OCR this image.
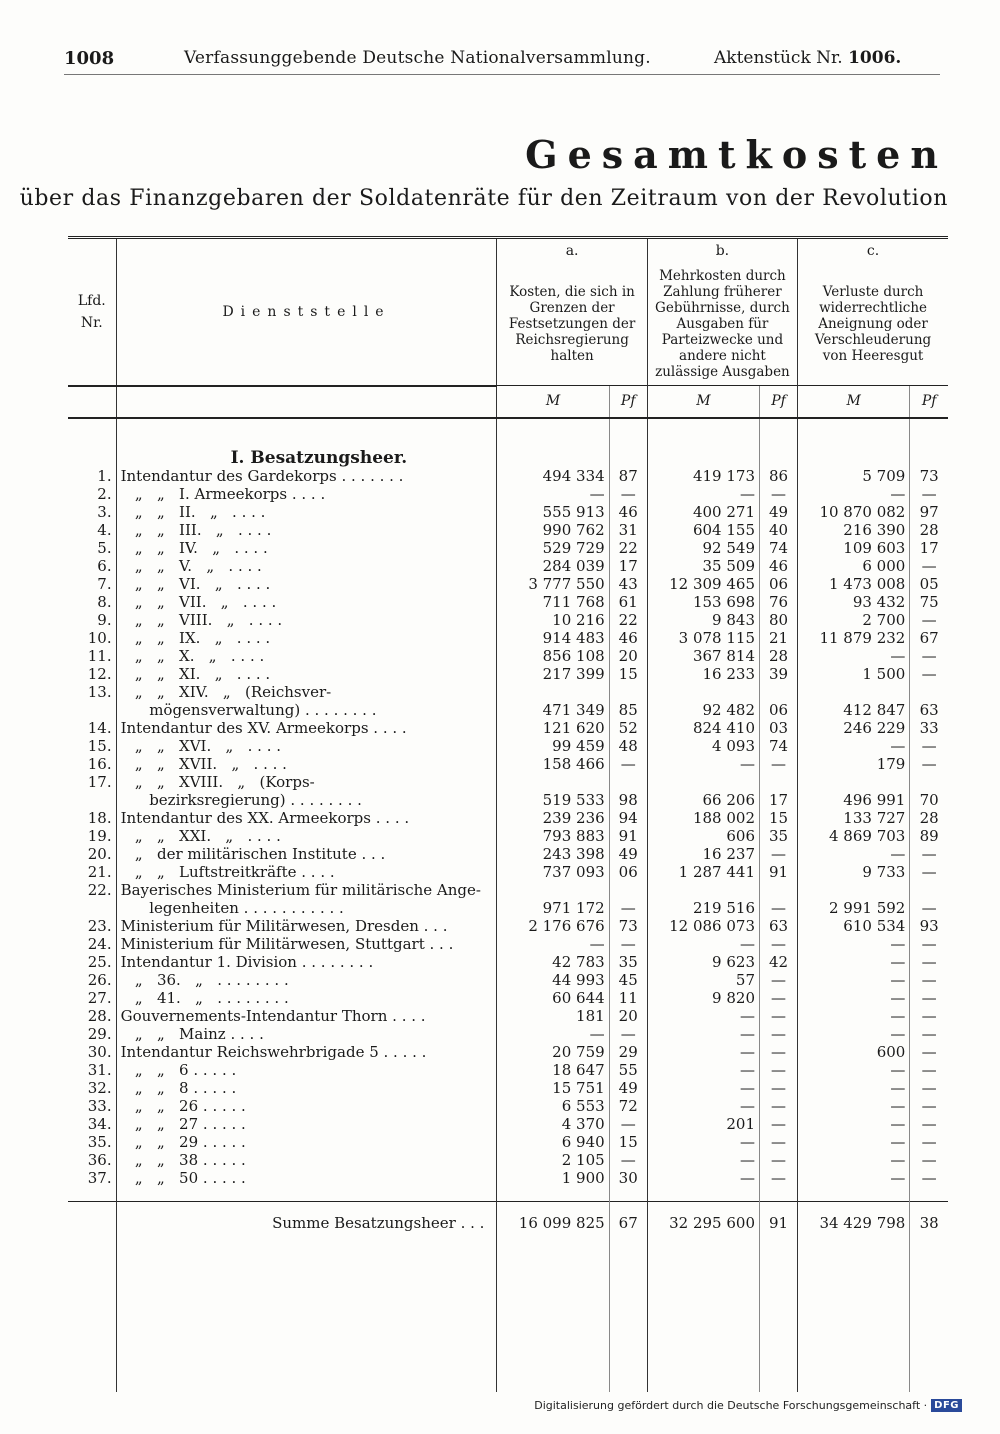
1008	Verfassunggebende Deutsche Nationalversammlung.	Aktenstück Nr. 1006.
Gesamtkosten
über das Finanzgebaren der Soldatenräte für den Zeitraum von der Revolution
Lfd.
Nr.	Dienststelle	a.		b.		c.	
		Kosten, die sich in Grenzen der Festsetzungen der Reichsregierung halten		Mehrkosten durch Zahlung früherer Gebührnisse, durch Ausgaben für Parteizwecke und andere nicht zulässige Ausgaben		Verluste durch widerrechtliche Aneignung oder Verschleuderung von Heeresgut	
		M	Pf	M	Pf	M	Pf

	I. Besatzungsheer.						
1.	Intendantur des Gardekorps . . . . . . .	494 334	87	419 173	86	5 709	73
2.	„   „   I. Armeekorps . . . .	—	—	—	—	—	—
3.	„   „   II.   „   . . . .	555 913	46	400 271	49	10 870 082	97
4.	„   „   III.   „   . . . .	990 762	31	604 155	40	216 390	28
5.	„   „   IV.   „   . . . .	529 729	22	92 549	74	109 603	17
6.	„   „   V.   „   . . . .	284 039	17	35 509	46	6 000	—
7.	„   „   VI.   „   . . . .	3 777 550	43	12 309 465	06	1 473 008	05
8.	„   „   VII.   „   . . . .	711 768	61	153 698	76	93 432	75
9.	„   „   VIII.   „   . . . .	10 216	22	9 843	80	2 700	—
10.	„   „   IX.   „   . . . .	914 483	46	3 078 115	21	11 879 232	67
11.	„   „   X.   „   . . . .	856 108	20	367 814	28	—	—
12.	„   „   XI.   „   . . . .	217 399	15	16 233	39	1 500	—
13.	„   „   XIV.   „   (Reichsver-						
	mögensverwaltung) . . . . . . . .	471 349	85	92 482	06	412 847	63
14.	Intendantur des XV. Armeekorps . . . .	121 620	52	824 410	03	246 229	33
15.	„   „   XVI.   „   . . . .	99 459	48	4 093	74	—	—
16.	„   „   XVII.   „   . . . .	158 466	—	—	—	179	—
17.	„   „   XVIII.   „   (Korps-						
	bezirksregierung) . . . . . . . .	519 533	98	66 206	17	496 991	70
18.	Intendantur des XX. Armeekorps . . . .	239 236	94	188 002	15	133 727	28
19.	„   „   XXI.   „   . . . .	793 883	91	606	35	4 869 703	89
20.	„   der militärischen Institute . . .	243 398	49	16 237	—	—	—
21.	„   „   Luftstreitkräfte . . . .	737 093	06	1 287 441	91	9 733	—
22.	Bayerisches Ministerium für militärische Ange-						
	legenheiten . . . . . . . . . . .	971 172	—	219 516	—	2 991 592	—
23.	Ministerium für Militärwesen, Dresden . . .	2 176 676	73	12 086 073	63	610 534	93
24.	Ministerium für Militärwesen, Stuttgart . . .	—	—	—	—	—	—
25.	Intendantur 1. Division . . . . . . . .	42 783	35	9 623	42	—	—
26.	„   36.   „   . . . . . . . .	44 993	45	57	—	—	—
27.	„   41.   „   . . . . . . . .	60 644	11	9 820	—	—	—
28.	Gouvernements-Intendantur Thorn . . . .	181	20	—	—	—	—
29.	„   „   Mainz . . . .	—	—	—	—	—	—
30.	Intendantur Reichswehrbrigade 5 . . . . .	20 759	29	—	—	600	—
31.	„   „   6 . . . . .	18 647	55	—	—	—	—
32.	„   „   8 . . . . .	15 751	49	—	—	—	—
33.	„   „   26 . . . . .	6 553	72	—	—	—	—
34.	„   „   27 . . . . .	4 370	—	201	—	—	—
35.	„   „   29 . . . . .	6 940	15	—	—	—	—
36.	„   „   38 . . . . .	2 105	—	—	—	—	—
37.	„   „   50 . . . . .	1 900	30	—	—	—	—

	Summe Besatzungsheer . . .	16 099 825	67	32 295 600	91	34 429 798	38

Digitalisierung gefördert durch die Deutsche Forschungsgemeinschaft · DFG
